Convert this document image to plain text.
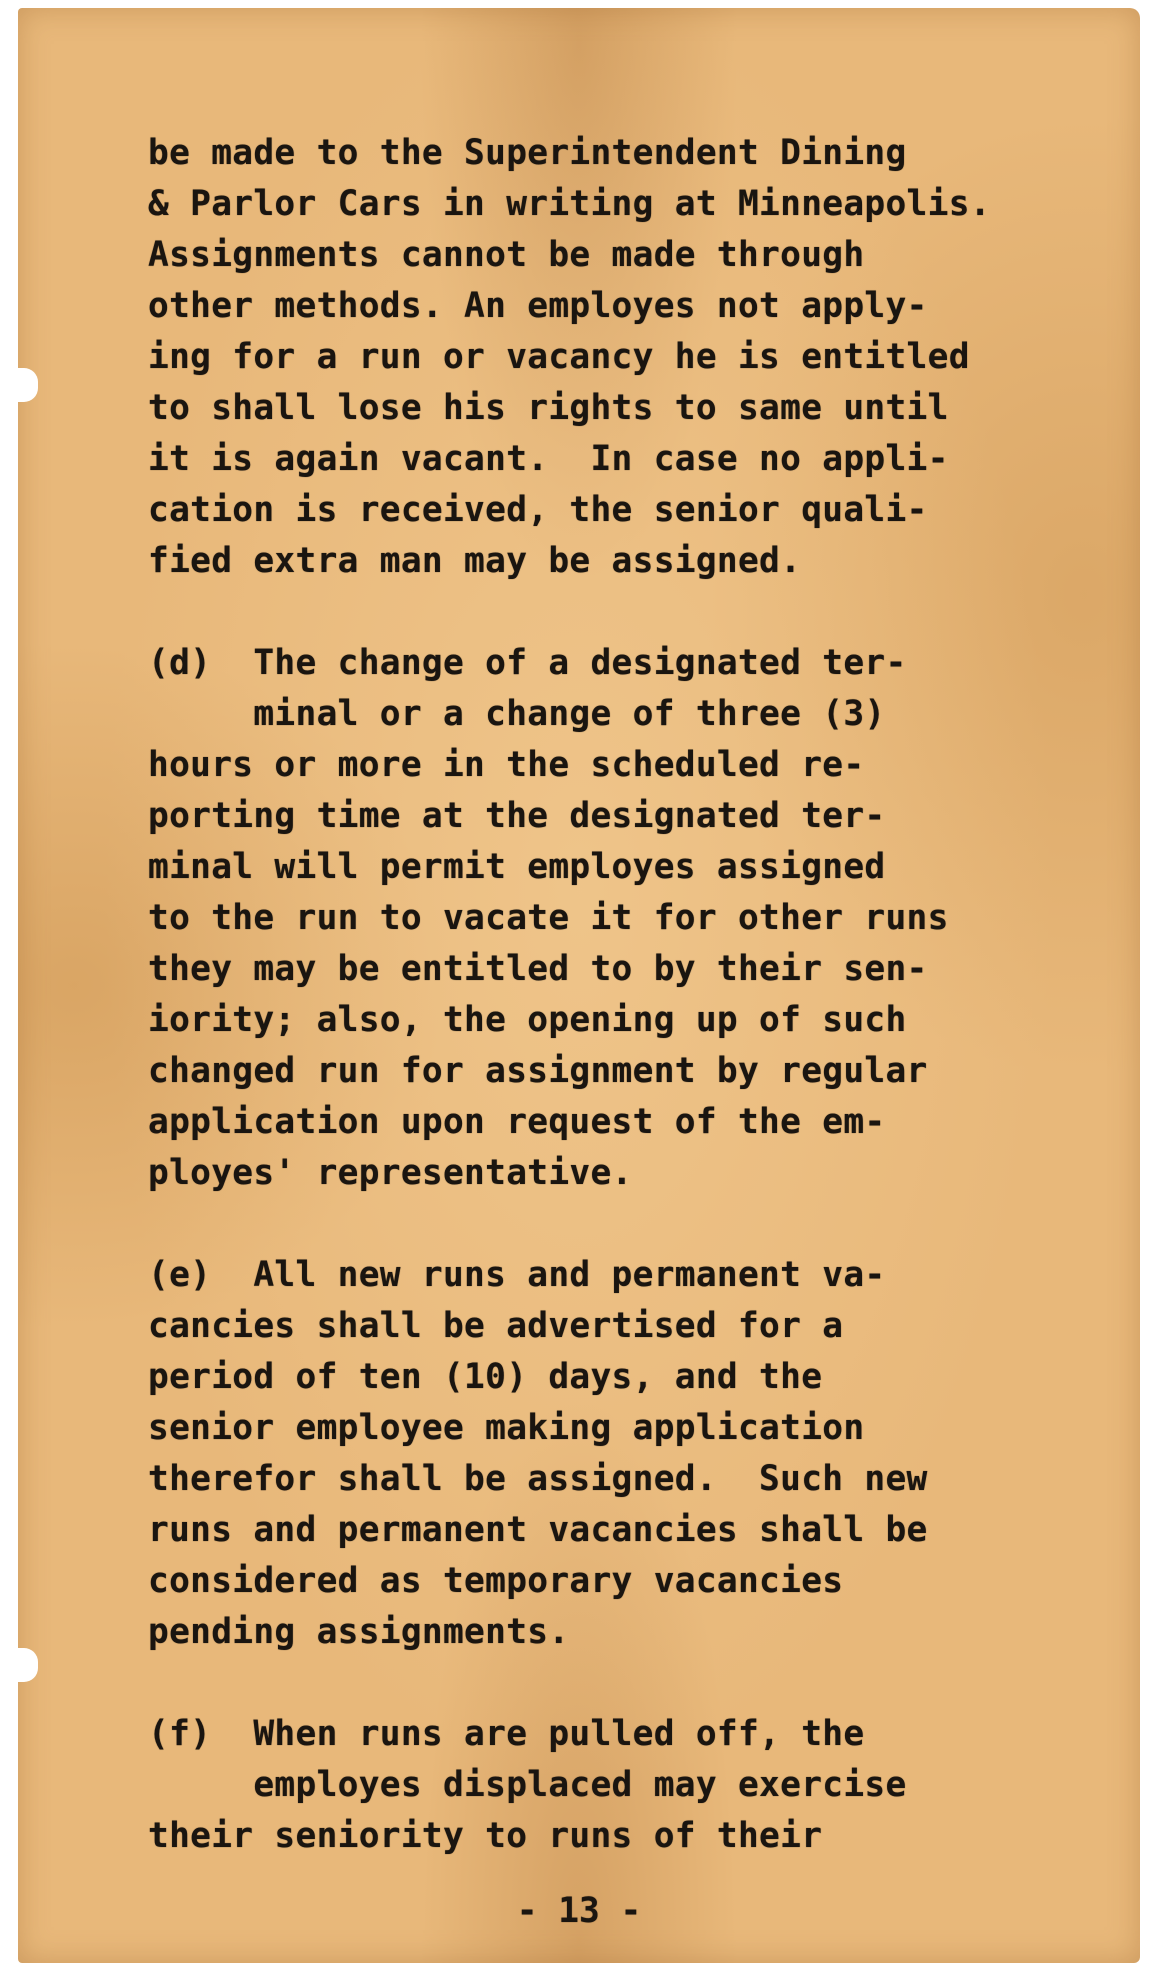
be made to the Superintendent Dining
& Parlor Cars in writing at Minneapolis.
Assignments cannot be made through
other methods. An employes not apply-
ing for a run or vacancy he is entitled
to shall lose his rights to same until
it is again vacant.  In case no appli-
cation is received, the senior quali-
fied extra man may be assigned.
(d)  The change of a designated ter-
minal or a change of three (3)
hours or more in the scheduled re-
porting time at the designated ter-
minal will permit employes assigned
to the run to vacate it for other runs
they may be entitled to by their sen-
iority; also, the opening up of such
changed run for assignment by regular
application upon request of the em-
ployes' representative.
(e)  All new runs and permanent va-
cancies shall be advertised for a
period of ten (10) days, and the
senior employee making application
therefor shall be assigned.  Such new
runs and permanent vacancies shall be
considered as temporary vacancies
pending assignments.
(f)  When runs are pulled off, the
employes displaced may exercise
their seniority to runs of their
- 13 -
